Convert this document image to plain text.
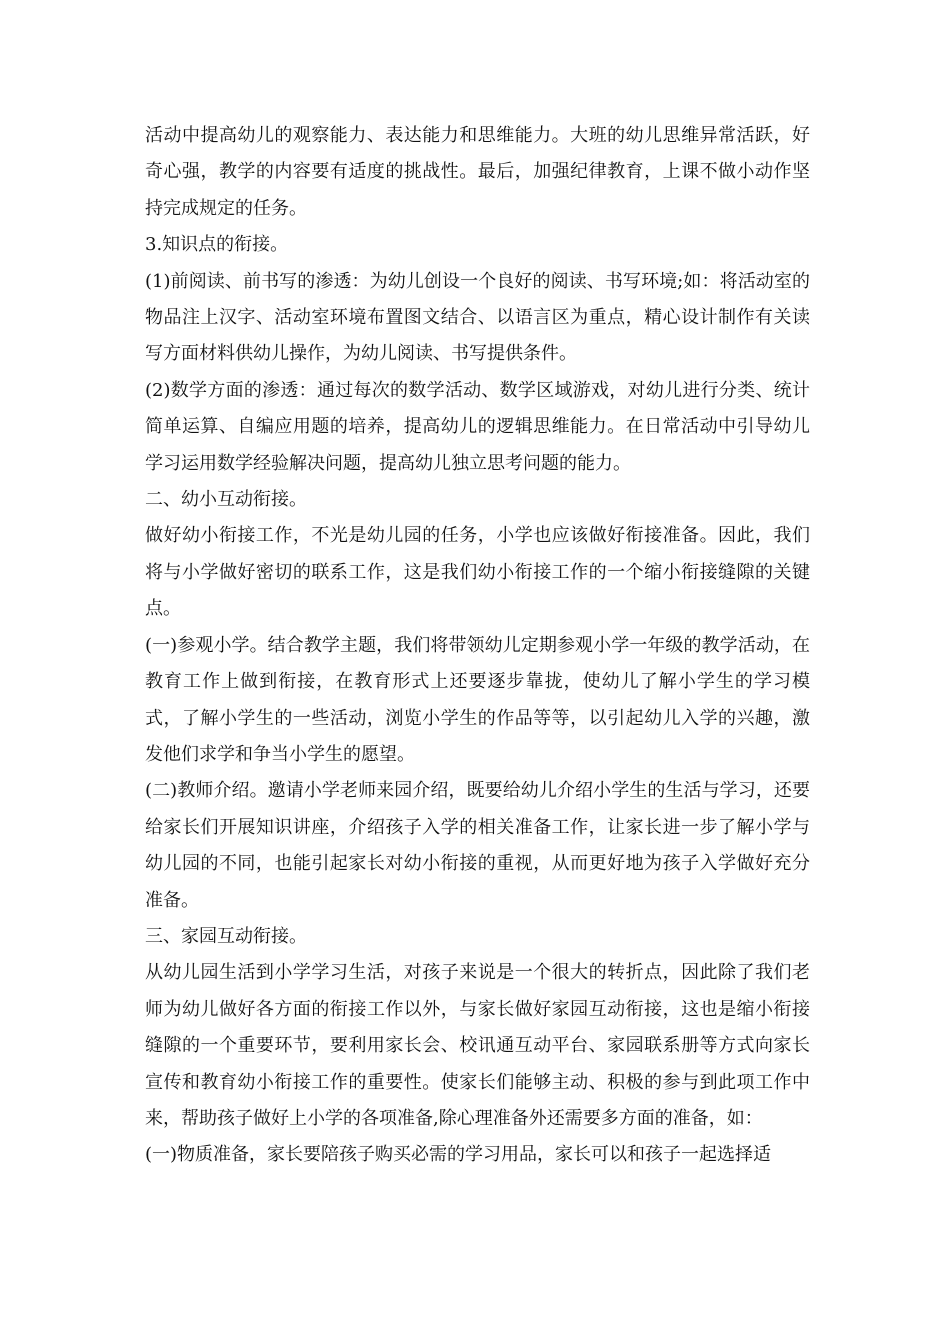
活动中提高幼儿的观察能力、表达能力和思维能力。大班的幼儿思维异常活跃，好奇心强，教学的内容要有适度的挑战性。最后，加强纪律教育，上课不做小动作坚持完成规定的任务。

3.知识点的衔接。

(1)前阅读、前书写的渗透：为幼儿创设一个良好的阅读、书写环境;如：将活动室的物品注上汉字、活动室环境布置图文结合、以语言区为重点，精心设计制作有关读写方面材料供幼儿操作，为幼儿阅读、书写提供条件。

(2)数学方面的渗透：通过每次的数学活动、数学区域游戏，对幼儿进行分类、统计简单运算、自编应用题的培养，提高幼儿的逻辑思维能力。在日常活动中引导幼儿学习运用数学经验解决问题，提高幼儿独立思考问题的能力。

二、幼小互动衔接。

做好幼小衔接工作，不光是幼儿园的任务，小学也应该做好衔接准备。因此，我们将与小学做好密切的联系工作，这是我们幼小衔接工作的一个缩小衔接缝隙的关键点。

(一)参观小学。结合教学主题，我们将带领幼儿定期参观小学一年级的教学活动，在教育工作上做到衔接，在教育形式上还要逐步靠拢，使幼儿了解小学生的学习模式，了解小学生的一些活动，浏览小学生的作品等等，以引起幼儿入学的兴趣，激发他们求学和争当小学生的愿望。

(二)教师介绍。邀请小学老师来园介绍，既要给幼儿介绍小学生的生活与学习，还要给家长们开展知识讲座，介绍孩子入学的相关准备工作，让家长进一步了解小学与幼儿园的不同，也能引起家长对幼小衔接的重视，从而更好地为孩子入学做好充分准备。

三、家园互动衔接。

从幼儿园生活到小学学习生活，对孩子来说是一个很大的转折点，因此除了我们老师为幼儿做好各方面的衔接工作以外，与家长做好家园互动衔接，这也是缩小衔接缝隙的一个重要环节，要利用家长会、校讯通互动平台、家园联系册等方式向家长宣传和教育幼小衔接工作的重要性。使家长们能够主动、积极的参与到此项工作中来，帮助孩子做好上小学的各项准备,除心理准备外还需要多方面的准备，如：

(一)物质准备，家长要陪孩子购买必需的学习用品，家长可以和孩子一起选择适
